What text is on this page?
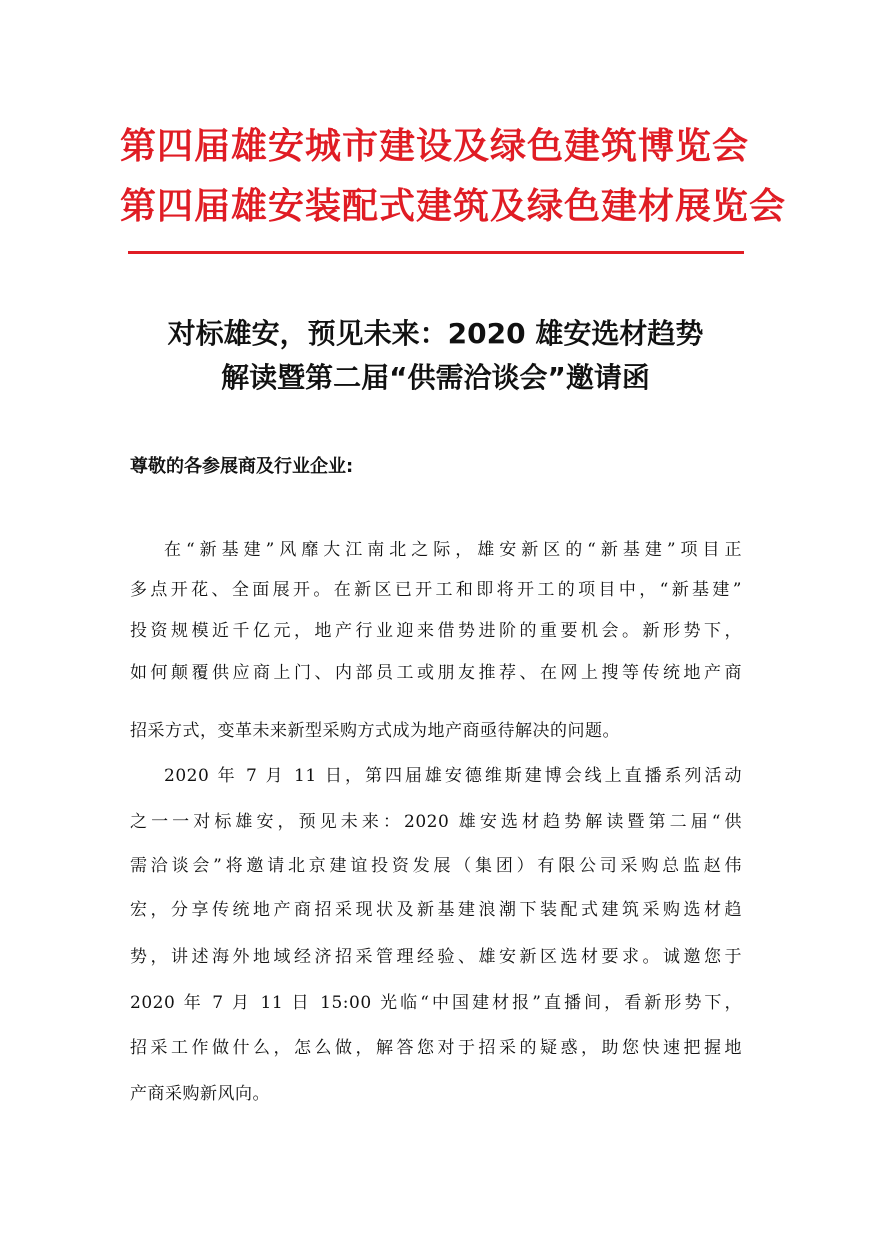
第四届雄安城市建设及绿色建筑博览会
第四届雄安装配式建筑及绿色建材展览会
对标雄安，预见未来：2020 雄安选材趋势
解读暨第二届“供需洽谈会”邀请函
尊敬的各参展商及行业企业:
在“新基建”风靡大江南北之际，雄安新区的“新基建”项目正
多点开花、全面展开。在新区已开工和即将开工的项目中，“新基建”
投资规模近千亿元，地产行业迎来借势进阶的重要机会。新形势下，
如何颠覆供应商上门、内部员工或朋友推荐、在网上搜等传统地产商
招采方式，变革未来新型采购方式成为地产商亟待解决的问题。
2020 年 7 月 11 日，第四届雄安德维斯建博会线上直播系列活动
之一一对标雄安，预见未来：2020 雄安选材趋势解读暨第二届“供
需洽谈会”将邀请北京建谊投资发展（集团）有限公司采购总监赵伟
宏，分享传统地产商招采现状及新基建浪潮下装配式建筑采购选材趋
势，讲述海外地域经济招采管理经验、雄安新区选材要求。诚邀您于
2020 年 7 月 11 日 15:00 光临“中国建材报”直播间，看新形势下，
招采工作做什么，怎么做，解答您对于招采的疑惑，助您快速把握地
产商采购新风向。
